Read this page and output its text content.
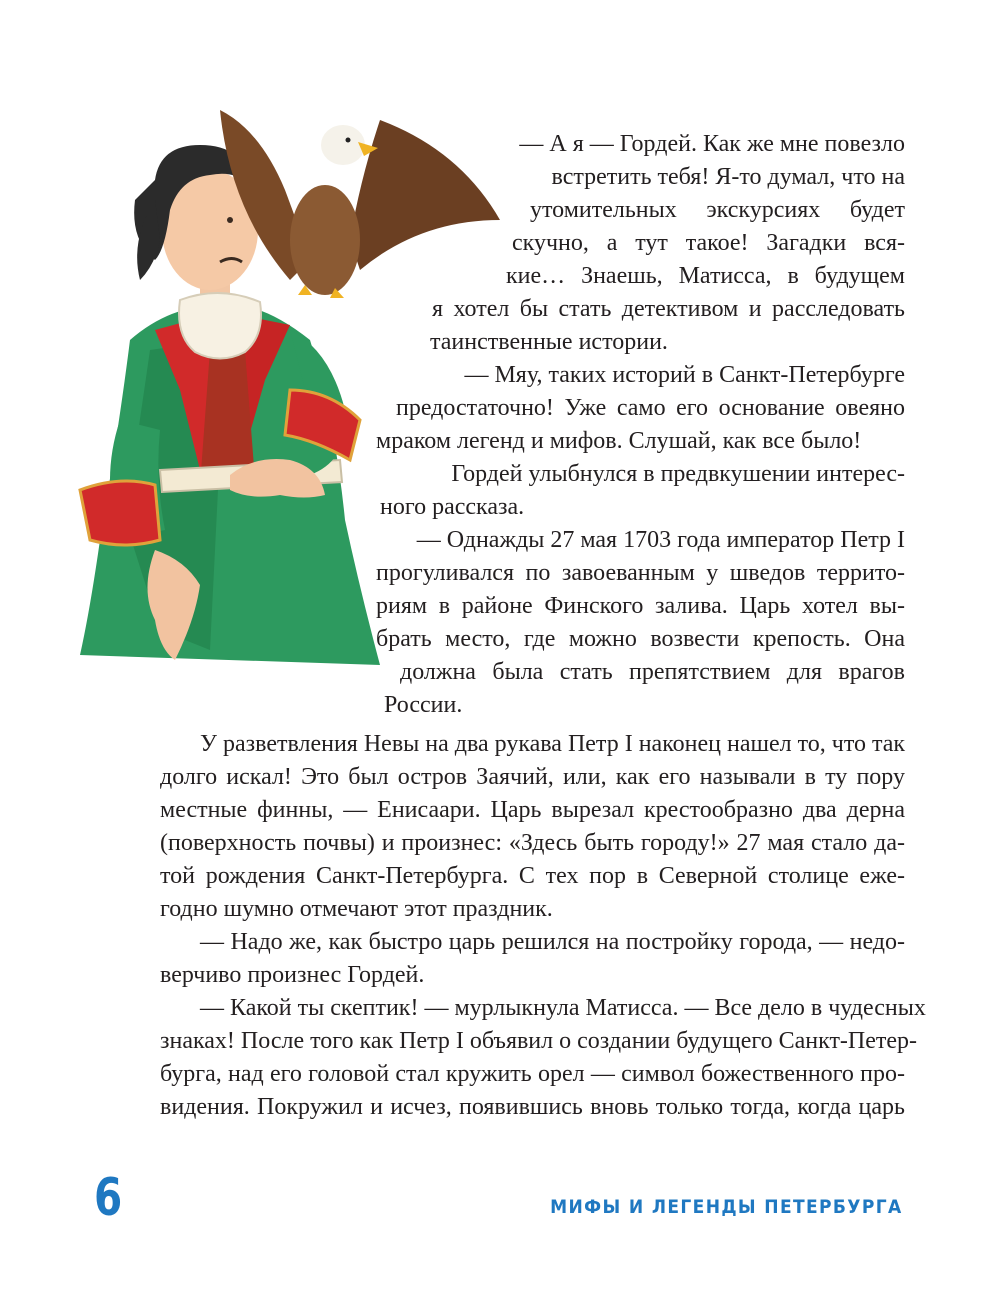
— А я — Гордей. Как же мне повезло
встретить тебя! Я-то думал, что на
утомительных экскурсиях будет
скучно, а тут такое! Загадки вся-
кие… Знаешь, Матисса, в будущем
я хотел бы стать детективом и расследовать
таинственные истории.
— Мяу, таких историй в Санкт-Петербурге
предостаточно! Уже само его основание овеяно
мраком легенд и мифов. Слушай, как все было!
Гордей улыбнулся в предвкушении интерес-
ного рассказа.
— Однажды 27 мая 1703 года император Петр I
прогуливался по завоеванным у шведов террито-
риям в районе Финского залива. Царь хотел вы-
брать место, где можно возвести крепость. Она
должна была стать препятствием для врагов
России.
У разветвления Невы на два рукава Петр I наконец нашел то, что так
долго искал! Это был остров Заячий, или, как его называли в ту пору
местные финны, — Енисаари. Царь вырезал крестообразно два дерна
(поверхность почвы) и произнес: «Здесь быть городу!» 27 мая стало да-
той рождения Санкт-Петербурга. С тех пор в Северной столице еже-
годно шумно отмечают этот праздник.
— Надо же, как быстро царь решился на постройку города, — недо-
верчиво произнес Гордей.
— Какой ты скептик! — мурлыкнула Матисса. — Все дело в чудесных
знаках! После того как Петр I объявил о создании будущего Санкт-Петер-
бурга, над его головой стал кружить орел — символ божественного про-
видения. Покружил и исчез, появившись вновь только тогда, когда царь
6	МИФЫ И ЛЕГЕНДЫ ПЕТЕРБУРГА
